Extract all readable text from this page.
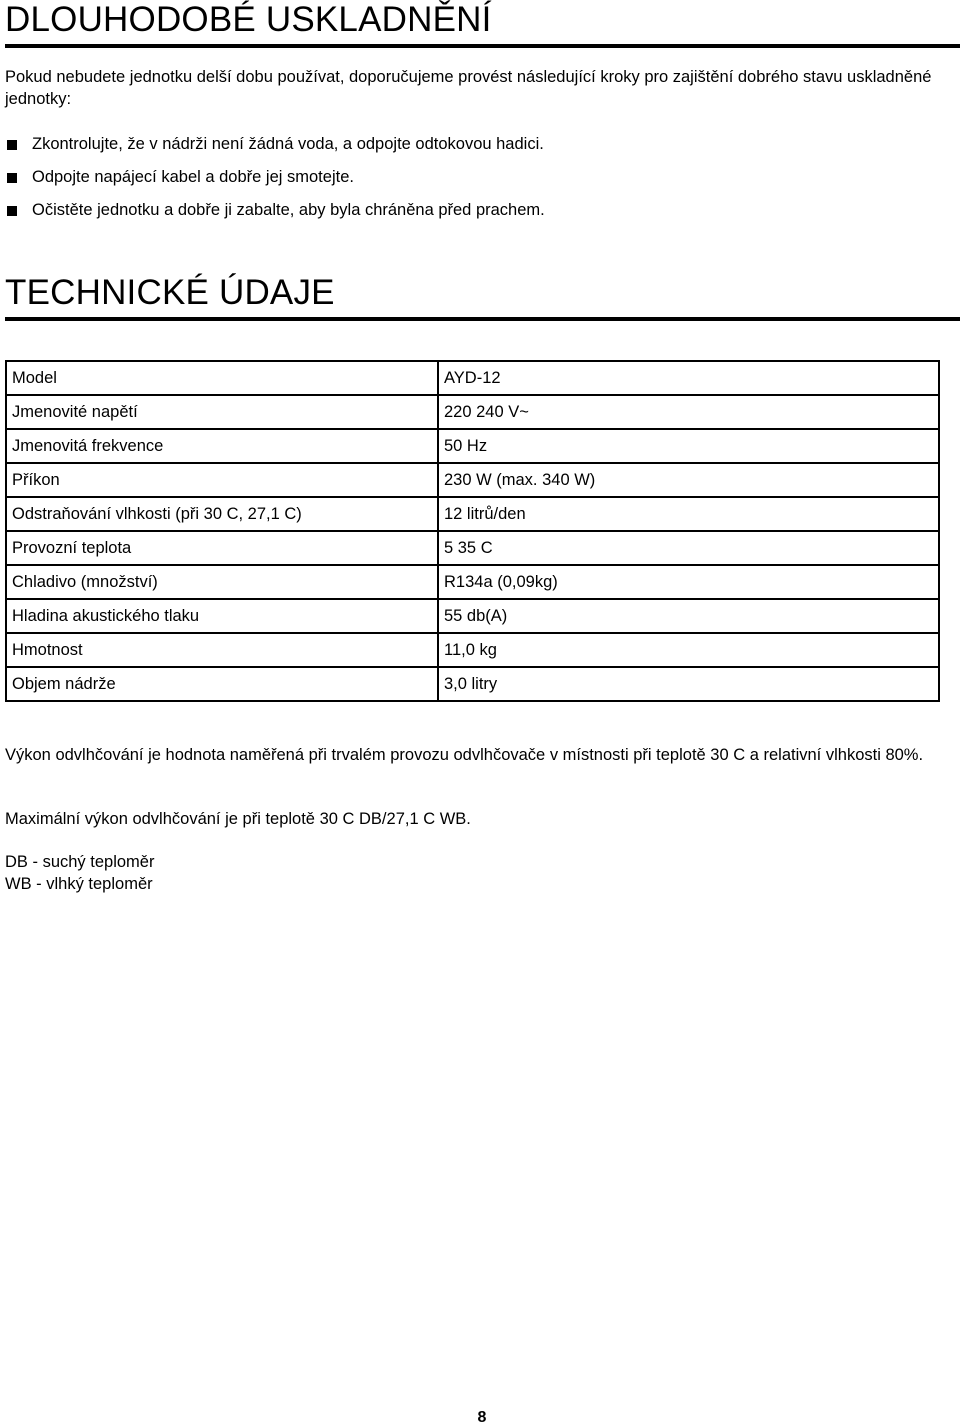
DLOUHODOBÉ USKLADNĚNÍ

Pokud nebudete jednotku delší dobu používat, doporučujeme provést následující kroky pro zajištění dobrého stavu uskladněné jednotky:

Zkontrolujte, že v nádrži není žádná voda, a odpojte odtokovou hadici.
Odpojte napájecí kabel a dobře jej smotejte.
Očistěte jednotku a dobře ji zabalte, aby byla chráněna před prachem.
TECHNICKÉ ÚDAJE
Model	AYD-12
Jmenovité napětí	220 240 V~
Jmenovitá frekvence	50 Hz
Příkon	230 W (max. 340 W)
Odstraňování vlhkosti (při 30 C, 27,1 C)	12 litrů/den
Provozní teplota	5 35 C
Chladivo (množství)	R134a (0,09kg)
Hladina akustického tlaku	55 db(A)
Hmotnost	11,0 kg
Objem nádrže	3,0 litry

Výkon odvlhčování je hodnota naměřená při trvalém provozu odvlhčovače v místnosti při teplotě 30 C a relativní vlhkosti 80%.

Maximální výkon odvlhčování je při teplotě 30 C DB/27,1 C WB.

DB - suchý teploměr

WB - vlhký teploměr

8
